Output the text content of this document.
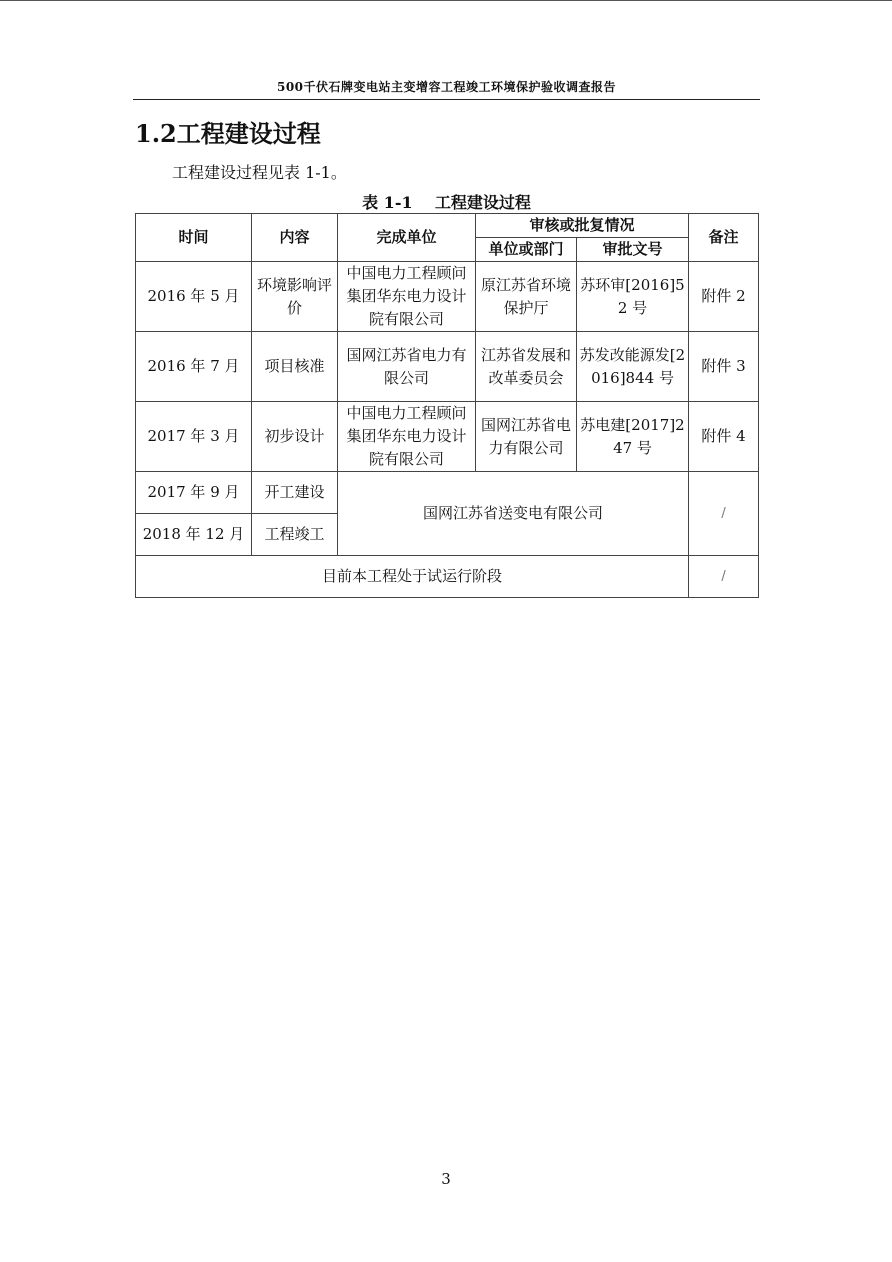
500千伏石牌变电站主变增容工程竣工环境保护验收调查报告
1.2工程建设过程
工程建设过程见表 1-1。
表 1-1    工程建设过程
时间	内容	完成单位	审核或批复情况		备注
			单位或部门	审批文号	
2016 年 5 月	环境影响评价	中国电力工程顾问集团华东电力设计院有限公司	原江苏省环境保护厅	苏环审[2016]52 号	附件 2
2016 年 7 月	项目核准	国网江苏省电力有限公司	江苏省发展和改革委员会	苏发改能源发[2016]844 号	附件 3
2017 年 3 月	初步设计	中国电力工程顾问集团华东电力设计院有限公司	国网江苏省电力有限公司	苏电建[2017]247 号	附件 4
2017 年 9 月	开工建设	国网江苏省送变电有限公司			/
2018 年 12 月	工程竣工				
目前本工程处于试运行阶段					/
3
